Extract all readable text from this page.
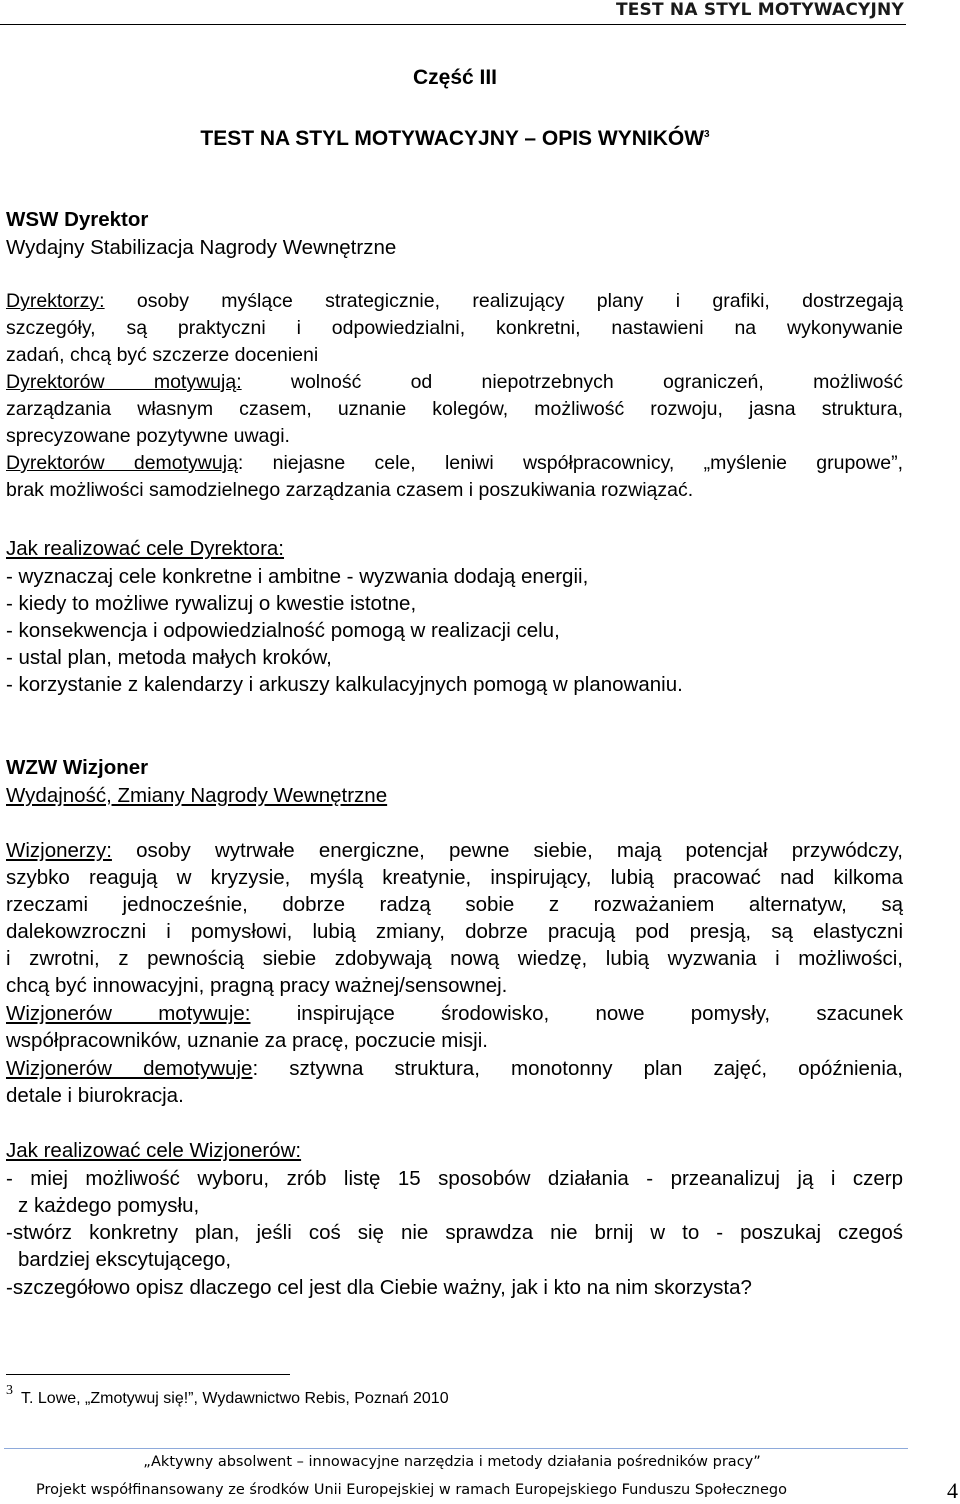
TEST NA STYL MOTYWACYJNY
Część III
TEST NA STYL MOTYWACYJNY – OPIS WYNIKÓW$^3$
WSW Dyrektor
Wydajny Stabilizacja Nagrody Wewnętrzne
Dyrektorzy: osoby myślące strategicznie, realizujący plany i grafiki, dostrzegają
szczegóły, są praktyczni i odpowiedzialni, konkretni, nastawieni na wykonywanie
zadań, chcą być szczerze docenieni
Dyrektorów motywują: wolność od niepotrzebnych ograniczeń, możliwość
zarządzania własnym czasem, uznanie kolegów, możliwość rozwoju, jasna struktura,
sprecyzowane pozytywne uwagi.
Dyrektorów demotywują: niejasne cele, leniwi współpracownicy, „myślenie grupowe”,
brak możliwości samodzielnego zarządzania czasem i poszukiwania rozwiązać.
Jak realizować cele Dyrektora:
- wyznaczaj cele konkretne i ambitne - wyzwania dodają energii,
- kiedy to możliwe rywalizuj o kwestie istotne,
- konsekwencja i odpowiedzialność pomogą w realizacji celu,
- ustal plan, metoda małych kroków,
- korzystanie z kalendarzy i arkuszy kalkulacyjnych pomogą w planowaniu.
WZW Wizjoner
Wydajność, Zmiany Nagrody Wewnętrzne
Wizjonerzy: osoby wytrwałe energiczne, pewne siebie, mają potencjał przywódczy,
szybko reagują w kryzysie, myślą kreatynie, inspirujący, lubią pracować nad kilkoma
rzeczami jednocześnie, dobrze radzą sobie z rozważaniem alternatyw, są
dalekowzroczni i pomysłowi, lubią zmiany, dobrze pracują pod presją, są elastyczni
i zwrotni, z pewnością siebie zdobywają nową wiedzę, lubią wyzwania i możliwości,
chcą być innowacyjni, pragną pracy ważnej/sensownej.
Wizjonerów motywuje: inspirujące środowisko, nowe pomysły, szacunek
współpracowników, uznanie za pracę, poczucie misji.
Wizjonerów demotywuje: sztywna struktura, monotonny plan zajęć, opóźnienia,
detale i biurokracja.
Jak realizować cele Wizjonerów:
- miej możliwość wyboru, zrób listę 15 sposobów działania - przeanalizuj ją i czerp
z każdego pomysłu,
-stwórz konkretny plan, jeśli coś się nie sprawdza nie brnij w to - poszukaj czegoś
bardziej ekscytującego,
-szczegółowo opisz dlaczego cel jest dla Ciebie ważny, jak i kto na nim skorzysta?
3 T. Lowe, „Zmotywuj się!”, Wydawnictwo Rebis, Poznań 2010
„Aktywny absolwent – innowacyjne narzędzia i metody działania pośredników pracy”
Projekt współfinansowany ze środków Unii Europejskiej w ramach Europejskiego Funduszu Społecznego	4
